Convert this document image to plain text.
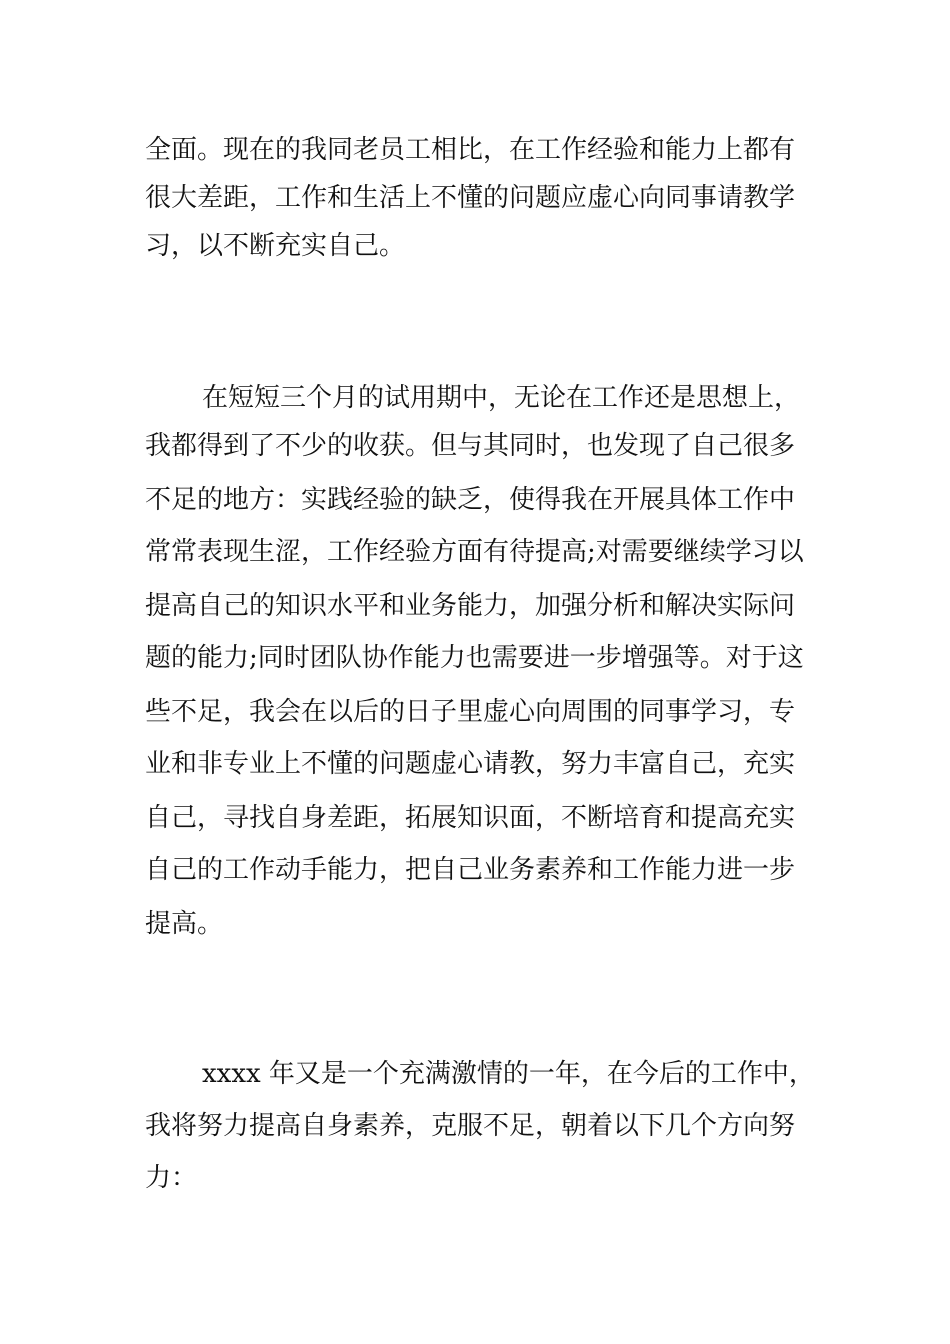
全面。现在的我同老员工相比，在工作经验和能力上都有
很大差距，工作和生活上不懂的问题应虚心向同事请教学
习，以不断充实自己。
在短短三个月的试用期中，无论在工作还是思想上，
我都得到了不少的收获。但与其同时，也发现了自己很多
不足的地方：实践经验的缺乏，使得我在开展具体工作中
常常表现生涩，工作经验方面有待提高;对需要继续学习以
提高自己的知识水平和业务能力，加强分析和解决实际问
题的能力;同时团队协作能力也需要进一步增强等。对于这
些不足，我会在以后的日子里虚心向周围的同事学习，专
业和非专业上不懂的问题虚心请教，努力丰富自己，充实
自己，寻找自身差距，拓展知识面，不断培育和提高充实
自己的工作动手能力，把自己业务素养和工作能力进一步
提高。
xxxx 年又是一个充满激情的一年，在今后的工作中，
我将努力提高自身素养，克服不足，朝着以下几个方向努
力：
